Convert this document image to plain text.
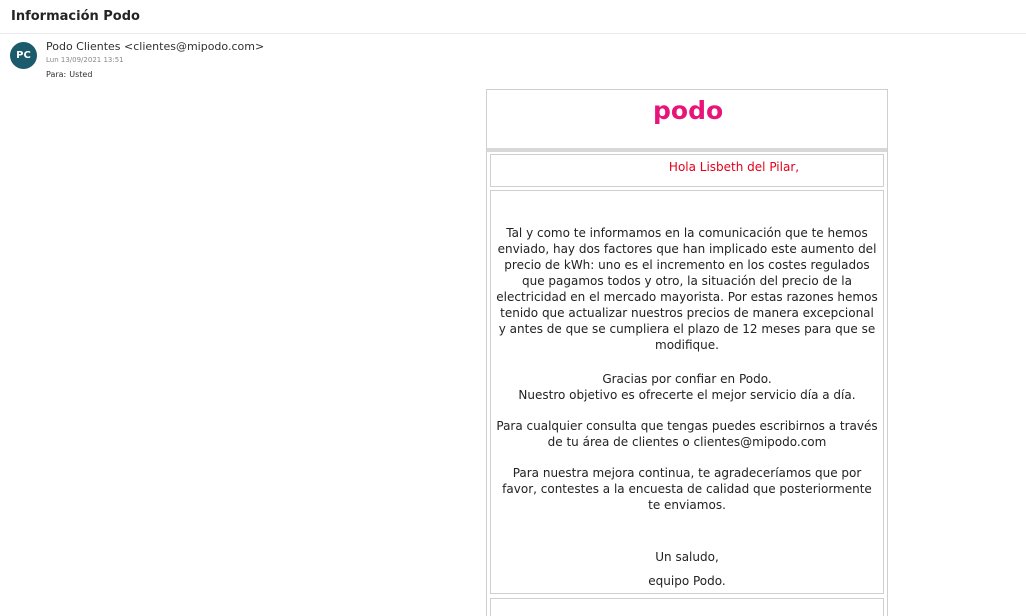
Información Podo
PC
Podo Clientes <clientes@mipodo.com>
Lun 13/09/2021 13:51
Para: Usted
podo
Hola Lisbeth del Pilar,
Tal y como te informamos en la comunicación que te hemos enviado, hay dos factores que han implicado este aumento del precio de kWh: uno es el incremento en los costes regulados que pagamos todos y otro, la situación del precio de la electricidad en el mercado mayorista. Por estas razones hemos tenido que actualizar nuestros precios de manera excepcional y antes de que se cumpliera el plazo de 12 meses para que se modifique.
Gracias por confiar en Podo.
Nuestro objetivo es ofrecerte el mejor servicio día a día.
Para cualquier consulta que tengas puedes escribirnos a través de tu área de clientes o clientes@mipodo.com
Para nuestra mejora continua, te agradeceríamos que por favor, contestes a la encuesta de calidad que posteriormente te enviamos.
Un saludo,
equipo Podo.
